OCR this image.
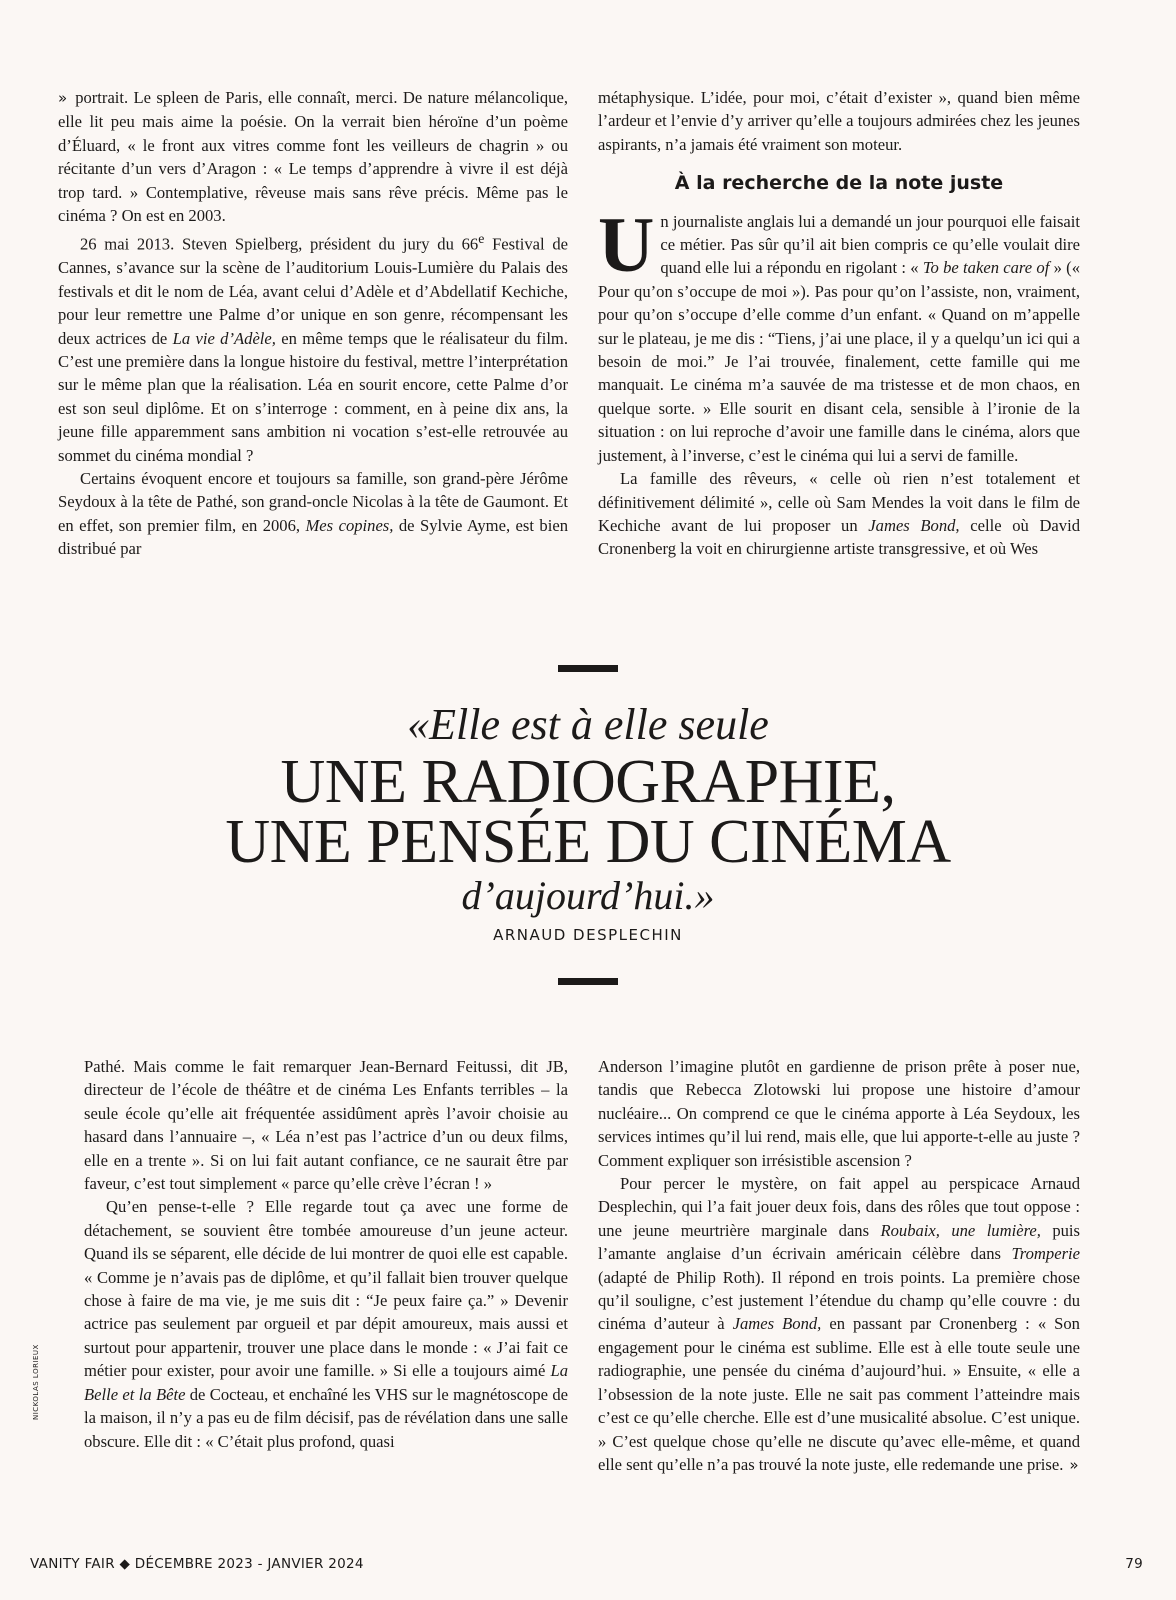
» portrait. Le spleen de Paris, elle connaît, merci. De nature mélancolique, elle lit peu mais aime la poésie. On la verrait bien héroïne d’un poème d’Éluard, « le front aux vitres comme font les veilleurs de chagrin » ou récitante d’un vers d’Aragon : « Le temps d’apprendre à vivre il est déjà trop tard. » Contemplative, rêveuse mais sans rêve précis. Même pas le cinéma ? On est en 2003.

26 mai 2013. Steven Spielberg, président du jury du 66e Festival de Cannes, s’avance sur la scène de l’auditorium Louis-Lumière du Palais des festivals et dit le nom de Léa, avant celui d’Adèle et d’Abdellatif Kechiche, pour leur remettre une Palme d’or unique en son genre, récompensant les deux actrices de La vie d’Adèle, en même temps que le réalisateur du film. C’est une première dans la longue histoire du festival, mettre l’interprétation sur le même plan que la réalisation. Léa en sourit encore, cette Palme d’or est son seul diplôme. Et on s’interroge : comment, en à peine dix ans, la jeune fille apparemment sans ambition ni vocation s’est-elle retrouvée au sommet du cinéma mondial ?

Certains évoquent encore et toujours sa famille, son grand-père Jérôme Seydoux à la tête de Pathé, son grand-oncle Nicolas à la tête de Gaumont. Et en effet, son premier film, en 2006, Mes copines, de Sylvie Ayme, est bien distribué par

métaphysique. L’idée, pour moi, c’était d’exister », quand bien même l’ardeur et l’envie d’y arriver qu’elle a toujours admirées chez les jeunes aspirants, n’a jamais été vraiment son moteur.

À la recherche de la note juste

Un journaliste anglais lui a demandé un jour pourquoi elle faisait ce métier. Pas sûr qu’il ait bien compris ce qu’elle voulait dire quand elle lui a répondu en rigolant : « To be taken care of » (« Pour qu’on s’occupe de moi »). Pas pour qu’on l’assiste, non, vraiment, pour qu’on s’occupe d’elle comme d’un enfant. « Quand on m’appelle sur le plateau, je me dis : “Tiens, j’ai une place, il y a quelqu’un ici qui a besoin de moi.” Je l’ai trouvée, finalement, cette famille qui me manquait. Le cinéma m’a sauvée de ma tristesse et de mon chaos, en quelque sorte. » Elle sourit en disant cela, sensible à l’ironie de la situation : on lui reproche d’avoir une famille dans le cinéma, alors que justement, à l’inverse, c’est le cinéma qui lui a servi de famille.

La famille des rêveurs, « celle où rien n’est totalement et définitivement délimité », celle où Sam Mendes la voit dans le film de Kechiche avant de lui proposer un James Bond, celle où David Cronenberg la voit en chirurgienne artiste transgressive, et où Wes

«Elle est à elle seule
UNE RADIOGRAPHIE,
UNE PENSÉE DU CINÉMA
d’aujourd’hui.»
ARNAUD DESPLECHIN

Pathé. Mais comme le fait remarquer Jean-Bernard Feitussi, dit JB, directeur de l’école de théâtre et de cinéma Les Enfants terribles – la seule école qu’elle ait fréquentée assidûment après l’avoir choisie au hasard dans l’annuaire –, « Léa n’est pas l’actrice d’un ou deux films, elle en a trente ». Si on lui fait autant confiance, ce ne saurait être par faveur, c’est tout simplement « parce qu’elle crève l’écran ! »

Qu’en pense-t-elle ? Elle regarde tout ça avec une forme de détachement, se souvient être tombée amoureuse d’un jeune acteur. Quand ils se séparent, elle décide de lui montrer de quoi elle est capable. « Comme je n’avais pas de diplôme, et qu’il fallait bien trouver quelque chose à faire de ma vie, je me suis dit : “Je peux faire ça.” » Devenir actrice pas seulement par orgueil et par dépit amoureux, mais aussi et surtout pour appartenir, trouver une place dans le monde : « J’ai fait ce métier pour exister, pour avoir une famille. » Si elle a toujours aimé La Belle et la Bête de Cocteau, et enchaîné les VHS sur le magnétoscope de la maison, il n’y a pas eu de film décisif, pas de révélation dans une salle obscure. Elle dit : « C’était plus profond, quasi

Anderson l’imagine plutôt en gardienne de prison prête à poser nue, tandis que Rebecca Zlotowski lui propose une histoire d’amour nucléaire... On comprend ce que le cinéma apporte à Léa Seydoux, les services intimes qu’il lui rend, mais elle, que lui apporte-t-elle au juste ? Comment expliquer son irrésistible ascension ?

Pour percer le mystère, on fait appel au perspicace Arnaud Desplechin, qui l’a fait jouer deux fois, dans des rôles que tout oppose : une jeune meurtrière marginale dans Roubaix, une lumière, puis l’amante anglaise d’un écrivain américain célèbre dans Tromperie (adapté de Philip Roth). Il répond en trois points. La première chose qu’il souligne, c’est justement l’étendue du champ qu’elle couvre : du cinéma d’auteur à James Bond, en passant par Cronenberg : « Son engagement pour le cinéma est sublime. Elle est à elle toute seule une radiographie, une pensée du cinéma d’aujourd’hui. » Ensuite, « elle a l’obsession de la note juste. Elle ne sait pas comment l’atteindre mais c’est ce qu’elle cherche. Elle est d’une musicalité absolue. C’est unique. » C’est quelque chose qu’elle ne discute qu’avec elle-même, et quand elle sent qu’elle n’a pas trouvé la note juste, elle redemande une prise. »

NICKOLAS LORIEUX
VANITY FAIR ◆ DÉCEMBRE 2023 - JANVIER 2024	79
